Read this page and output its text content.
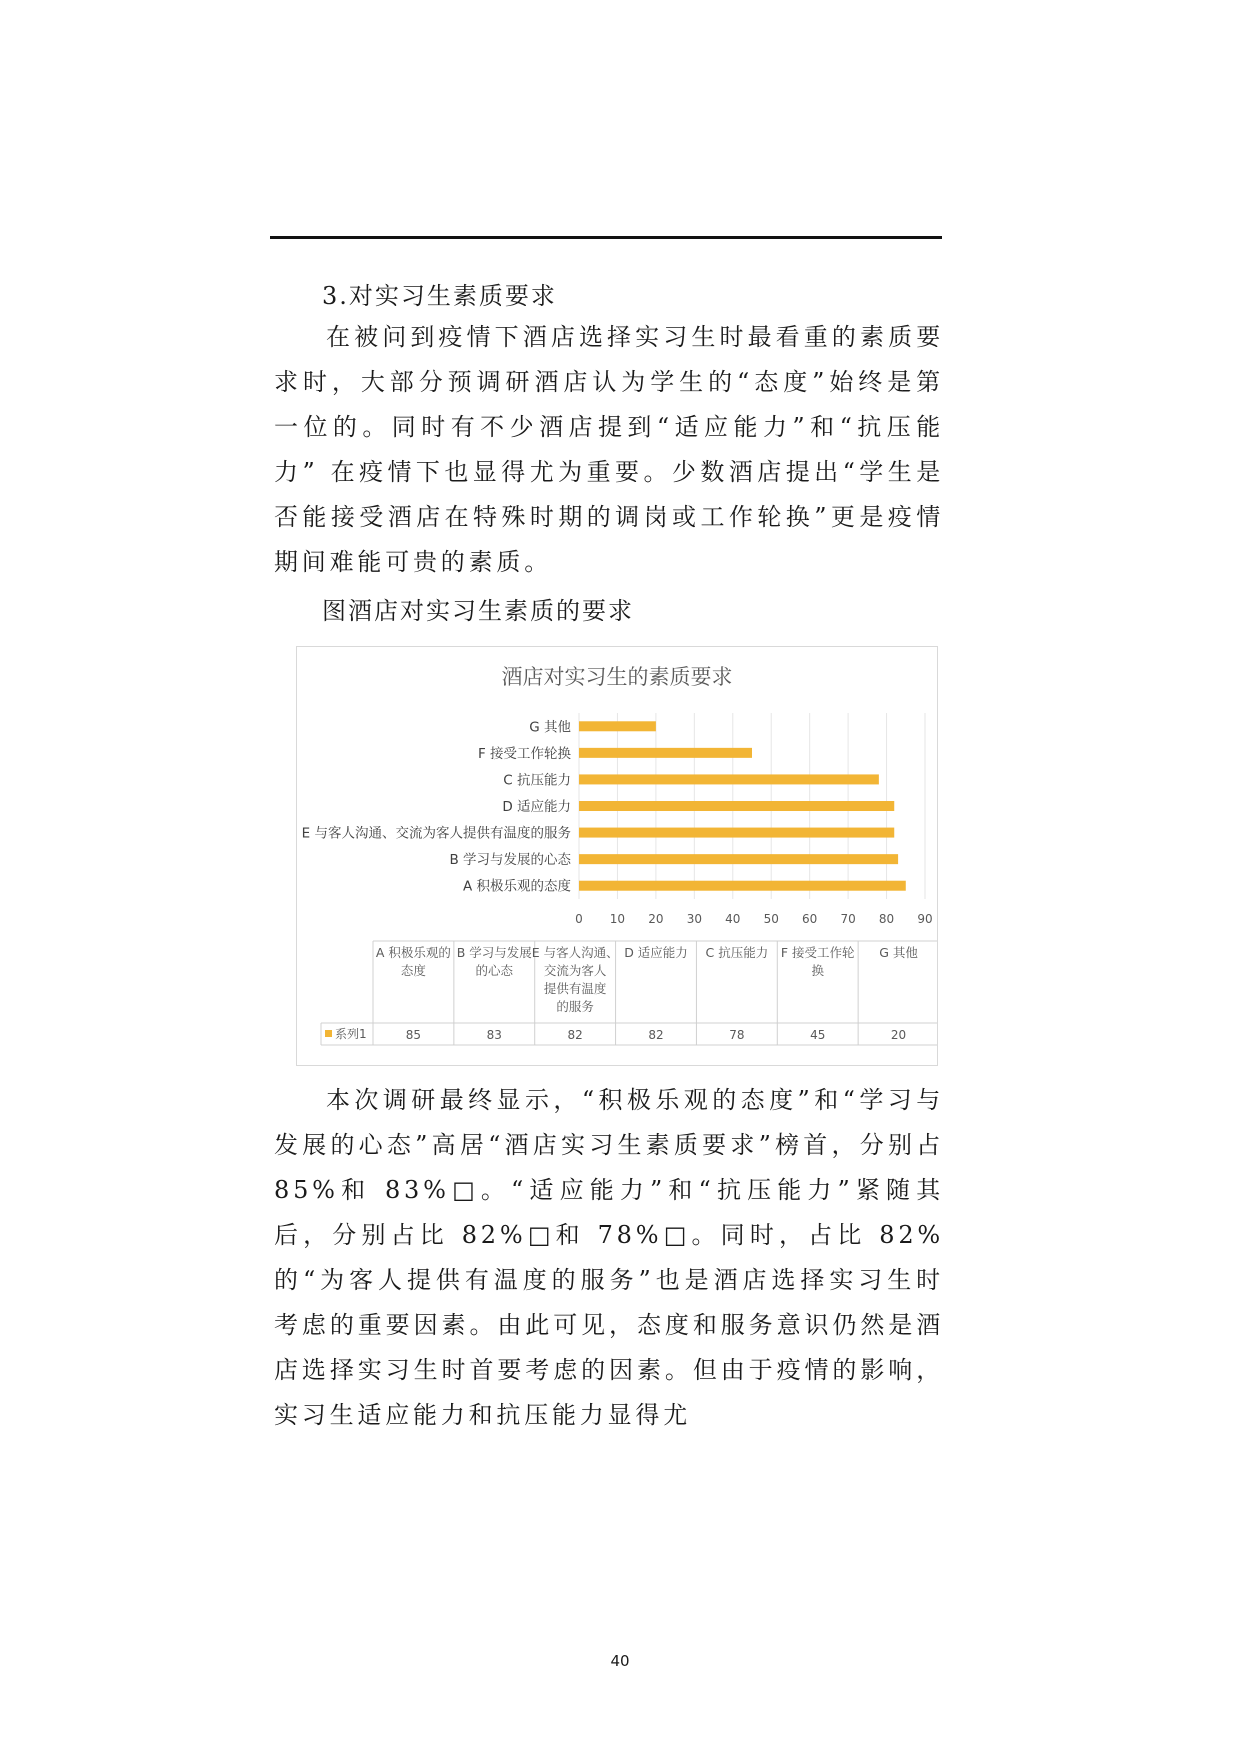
3.对实习生素质要求
在被问到疫情下酒店选择实习生时最看重的素质要求时，大部分预调研酒店认为学生的“态度”始终是第一位的。同时有不少酒店提到“适应能力”和“抗压能力” 在疫情下也显得尤为重要。少数酒店提出“学生是否能接受酒店在特殊时期的调岗或工作轮换”更是疫情期间难能可贵的素质。
图酒店对实习生素质的要求
酒店对实习生的素质要求
A 积极乐观的态度
B 学习与发展的心态
E 与客人沟通、交流为客人提供有温度的服务
D 适应能力
C 抗压能力
F 接受工作轮换
G 其他
0 10 20 30 40 50 60 70 80 90
A 积极乐观的
态度
85
B 学习与发展
的心态
83
E 与客人沟通、
交流为客人
提供有温度
的服务
82
D 适应能力
82
C 抗压能力
78
F 接受工作轮
换
45
G 其他
20
系列1
本次调研最终显示，“积极乐观的态度”和“学习与发展的心态”高居“酒店实习生素质要求”榜首，分别占 85%和 83%□。“适应能力”和“抗压能力”紧随其后，分别占比 82%□和 78%□。同时，占比 82% 的“为客人提供有温度的服务”也是酒店选择实习生时考虑的重要因素。由此可见，态度和服务意识仍然是酒店选择实习生时首要考虑的因素。但由于疫情的影响，实习生适应能力和抗压能力显得尤
40
